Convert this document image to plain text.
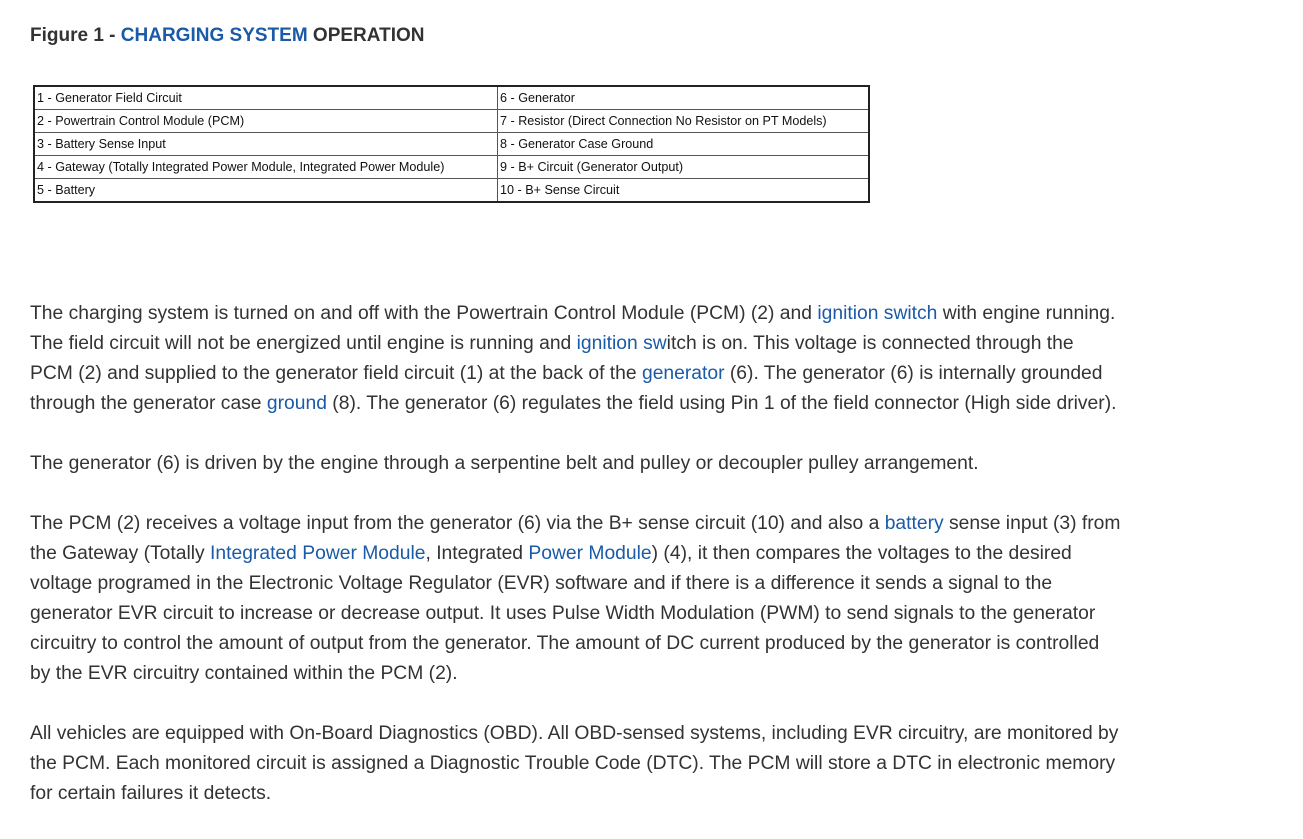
Figure 1 - CHARGING SYSTEM OPERATION
1 - Generator Field Circuit	6 - Generator
2 - Powertrain Control Module (PCM)	7 - Resistor (Direct Connection No Resistor on PT Models)
3 - Battery Sense Input	8 - Generator Case Ground
4 - Gateway (Totally Integrated Power Module, Integrated Power Module)	9 - B+ Circuit (Generator Output)
5 - Battery	10 - B+ Sense Circuit
The charging system is turned on and off with the Powertrain Control Module (PCM) (2) and ignition switch with engine running.
The field circuit will not be energized until engine is running and ignition switch is on. This voltage is connected through the
PCM (2) and supplied to the generator field circuit (1) at the back of the generator (6). The generator (6) is internally grounded
through the generator case ground (8). The generator (6) regulates the field using Pin 1 of the field connector (High side driver).
The generator (6) is driven by the engine through a serpentine belt and pulley or decoupler pulley arrangement.
The PCM (2) receives a voltage input from the generator (6) via the B+ sense circuit (10) and also a battery sense input (3) from
the Gateway (Totally Integrated Power Module, Integrated Power Module) (4), it then compares the voltages to the desired
voltage programed in the Electronic Voltage Regulator (EVR) software and if there is a difference it sends a signal to the
generator EVR circuit to increase or decrease output. It uses Pulse Width Modulation (PWM) to send signals to the generator
circuitry to control the amount of output from the generator. The amount of DC current produced by the generator is controlled
by the EVR circuitry contained within the PCM (2).
All vehicles are equipped with On-Board Diagnostics (OBD). All OBD-sensed systems, including EVR circuitry, are monitored by
the PCM. Each monitored circuit is assigned a Diagnostic Trouble Code (DTC). The PCM will store a DTC in electronic memory
for certain failures it detects.
